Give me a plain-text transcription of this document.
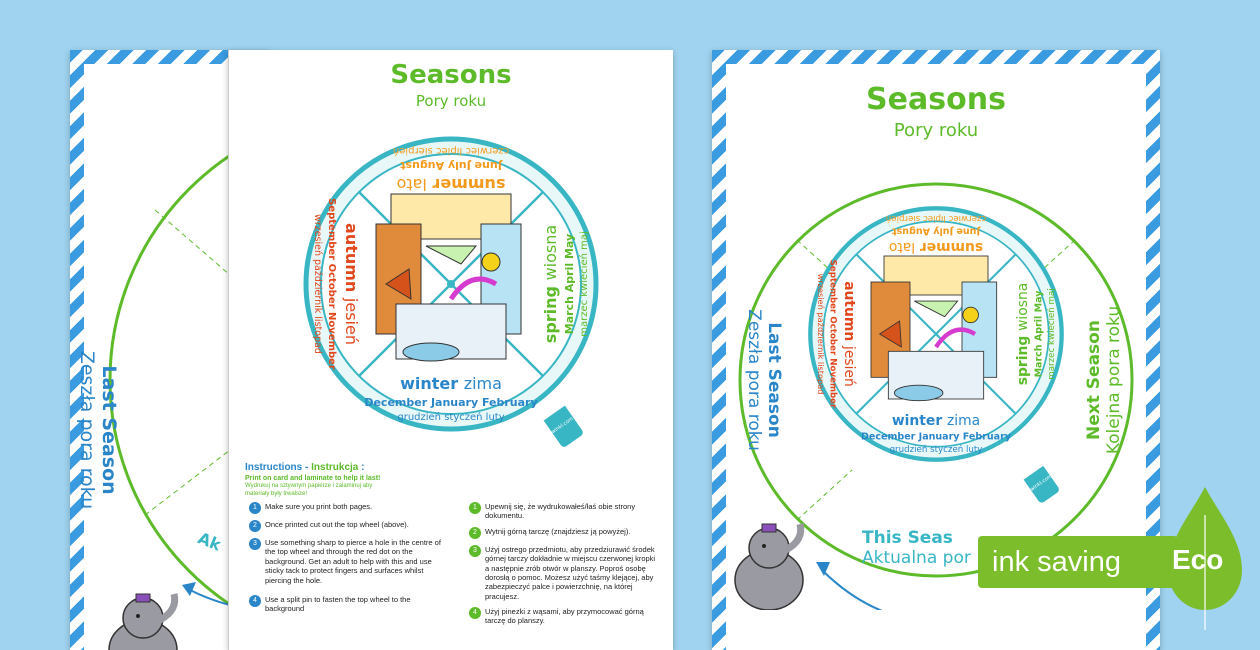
Last Season
Zeszła pora roku
Ak
Seasons
Pory roku
summer lato
June July August
czerwiec lipiec sierpień
spring wiosna March April May marzec kwiecień maj
autumn jesień
September October November
wrzesień październik listopad
winter zima
December January February
grudzień styczeń luty	twinkl.com
Instructions - Instrukcja :
Print on card and laminate to help it last!
Wydrukuj na sztywnym papierze i zalaminuj aby materiały były trwalsze!
1 Make sure you print both pages.
2 Once printed cut out the top wheel (above).
3	Use something sharp to pierce a hole in the centre of the top wheel and through the red dot on the background. Get an adult to help with this and use sticky tack to protect fingers and surfaces whilst piercing the hole.
4	Use a split pin to fasten the top wheel to the background
1	Upewnij się, że wydrukowałeś/łaś obie strony dokumentu.
2	Wytnij górną tarczę (znajdziesz ją powyżej).
3	Użyj ostrego przedmiotu, aby przedziurawić środek górnej tarczy dokładnie w miejscu czerwonej kropki a następnie zrób otwór w planszy. Poproś osobę dorosłą o pomoc. Możesz użyć taśmy klejącej, aby zabezpieczyć palce i powierzchnię, na której pracujesz.
4	Użyj pinezki z wąsami, aby przymocować górną tarczę do planszy.
Seasons
Pory roku
Last Season
Zeszła pora roku	Next Season Kolejna pora roku
This Seas
Aktualna por
summer lato
June July August
czerwiec lipiec sierpień
spring wiosna March April May marzec kwiecień maj
autumn jesień
September October November
wrzesień październik listopad
winter zima
December January February
grudzień styczeń luty
twinkl.com
ink saving Eco
